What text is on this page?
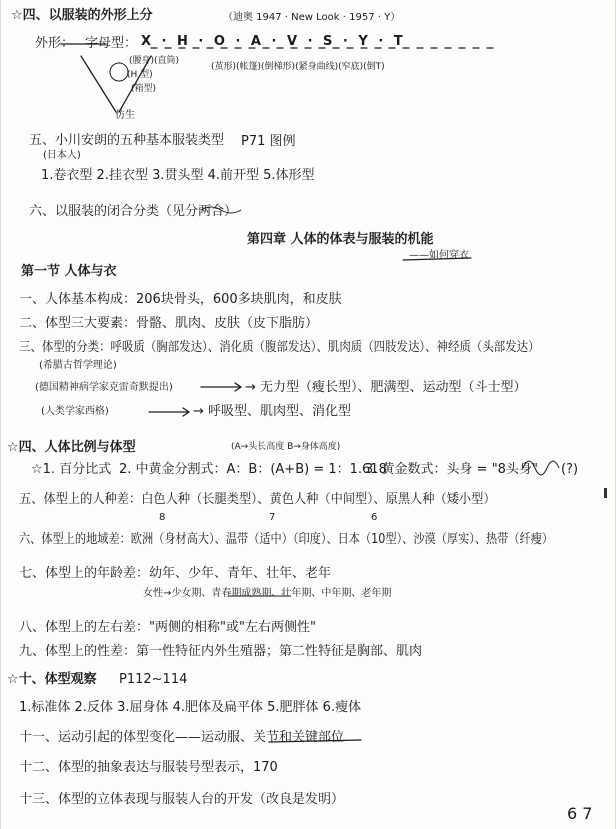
☆四、以服装的外形上分	（迪奥 1947 · New Look · 1957 · Y）
外形： 字母型： X · H · O · A · V · S · Y · T
(腰身)(直筒)
(茧形)(帐篷)(倒梯形)(紧身曲线)(窄底)(倒T)
(H 型)
(箱型)
仿生
五、小川安朗的五种基本服装类型 P71 图例
(日本人)
1.卷衣型 2.挂衣型 3.贯头型 4.前开型 5.体形型
六、以服装的闭合分类（见分两合）
第四章 人体的体表与服装的机能
——如何穿衣
第一节 人体与衣
一、人体基本构成：206块骨头，600多块肌肉，和皮肤
二、体型三大要素：骨骼、肌肉、皮肤（皮下脂肪）
三、体型的分类：呼吸质（胸部发达）、消化质（腹部发达）、肌肉质（四肢发达）、神经质（头部发达）
(希腊古哲学理论)
(德国精神病学家克雷奇默提出)	→ 无力型（瘦长型）、肥满型、运动型（斗士型）
(人类学家西格)	→ 呼吸型、肌肉型、消化型
☆四、人体比例与体型	(A→头长高度 B→身体高度)
☆1. 百分比式 2. 中黄金分割式：A：B：(A+B) = 1：1.618
3. 黄金数式：头身 = "8头身" (?)
五、体型上的人种差：白色人种（长腿类型）、黄色人种（中间型）、原黑人种（矮小型）
8	7	6
六、体型上的地域差：欧洲（身材高大）、温带（适中）（印度）、日本（10型）、沙漠（厚实）、热带（纤瘦）
七、体型上的年龄差：幼年、少年、青年、壮年、老年
女性→少女期、青春期成熟期、壮年期、中年期、老年期
八、体型上的左右差："两侧的相称"或"左右两侧性"
九、体型上的性差：第一性特征内外生殖器；第二性特征是胸部、肌肉
☆十、体型观察 P112~114
1.标准体 2.反体 3.屈身体 4.肥体及扁平体 5.肥胖体 6.瘦体
十一、运动引起的体型变化——运动服、关节和关键部位
十二、体型的抽象表达与服装号型表示，170
十三、体型的立体表现与服装人台的开发（改良是发明）
6 7
